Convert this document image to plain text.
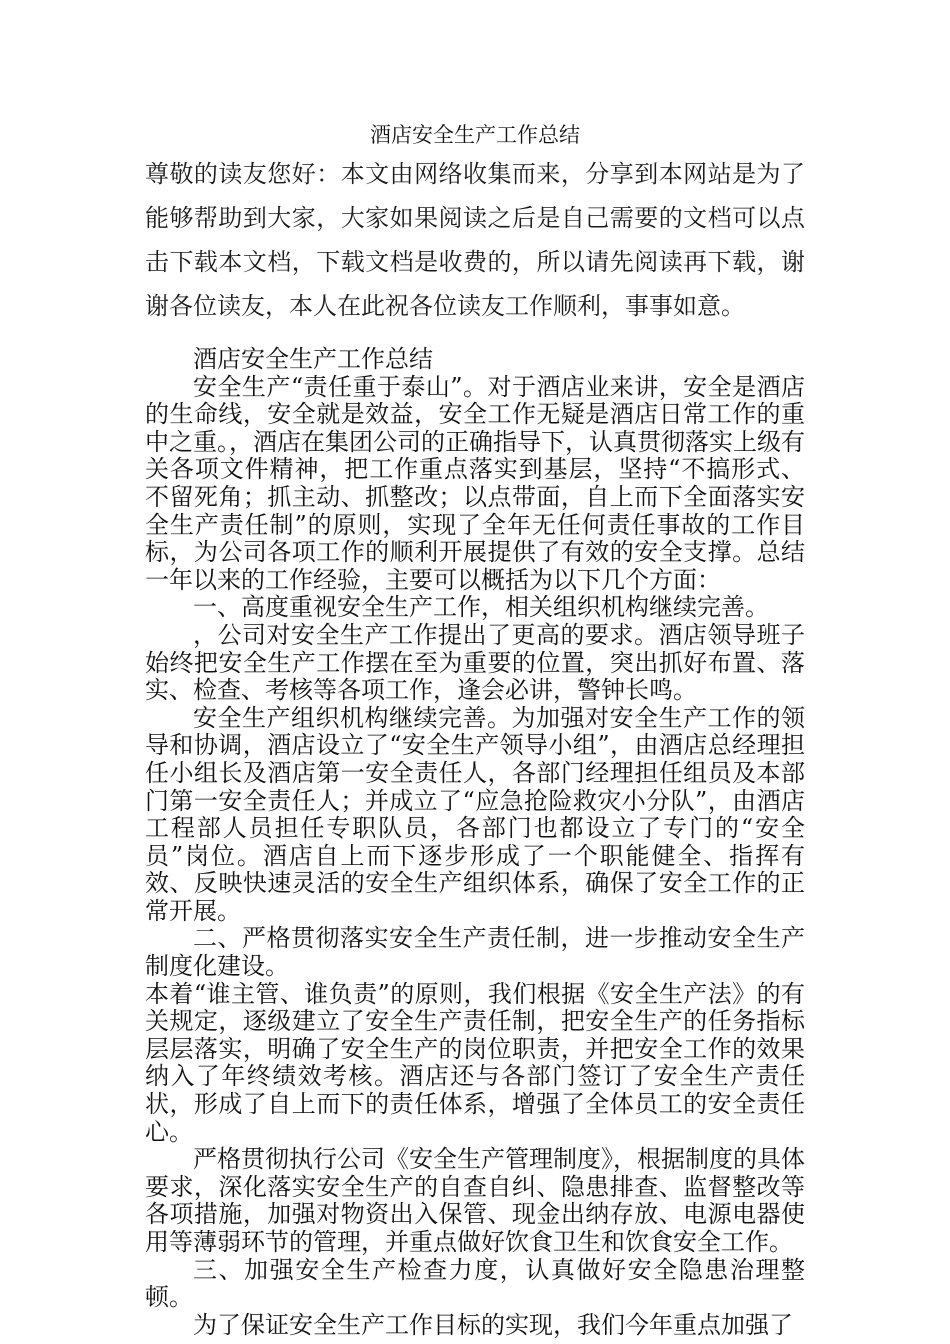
酒店安全生产工作总结

尊敬的读友您好：本文由网络收集而来，分享到本网站是为了能够帮助到大家，大家如果阅读之后是自己需要的文档可以点击下载本文档，下载文档是收费的，所以请先阅读再下载，谢谢各位读友，本人在此祝各位读友工作顺利，事事如意。

酒店安全生产工作总结

安全生产“责任重于泰山”。对于酒店业来讲，安全是酒店的生命线，安全就是效益，安全工作无疑是酒店日常工作的重中之重。，酒店在集团公司的正确指导下，认真贯彻落实上级有关各项文件精神，把工作重点落实到基层，坚持“不搞形式、不留死角；抓主动、抓整改；以点带面，自上而下全面落实安全生产责任制”的原则，实现了全年无任何责任事故的工作目标，为公司各项工作的顺利开展提供了有效的安全支撑。总结一年以来的工作经验，主要可以概括为以下几个方面：

一、高度重视安全生产工作，相关组织机构继续完善。

，公司对安全生产工作提出了更高的要求。酒店领导班子始终把安全生产工作摆在至为重要的位置，突出抓好布置、落实、检查、考核等各项工作，逢会必讲，警钟长鸣。

安全生产组织机构继续完善。为加强对安全生产工作的领导和协调，酒店设立了“安全生产领导小组”，由酒店总经理担任小组长及酒店第一安全责任人，各部门经理担任组员及本部门第一安全责任人；并成立了“应急抢险救灾小分队”，由酒店工程部人员担任专职队员，各部门也都设立了专门的“安全员”岗位。酒店自上而下逐步形成了一个职能健全、指挥有效、反映快速灵活的安全生产组织体系，确保了安全工作的正常开展。

二、严格贯彻落实安全生产责任制，进一步推动安全生产制度化建设。

本着“谁主管、谁负责”的原则，我们根据《安全生产法》的有关规定，逐级建立了安全生产责任制，把安全生产的任务指标层层落实，明确了安全生产的岗位职责，并把安全工作的效果纳入了年终绩效考核。酒店还与各部门签订了安全生产责任状，形成了自上而下的责任体系，增强了全体员工的安全责任心。

严格贯彻执行公司《安全生产管理制度》，根据制度的具体要求，深化落实安全生产的自查自纠、隐患排查、监督整改等各项措施，加强对物资出入保管、现金出纳存放、电源电器使用等薄弱环节的管理，并重点做好饮食卫生和饮食安全工作。

三、加强安全生产检查力度，认真做好安全隐患治理整顿。

为了保证安全生产工作目标的实现，我们今年重点加强了
